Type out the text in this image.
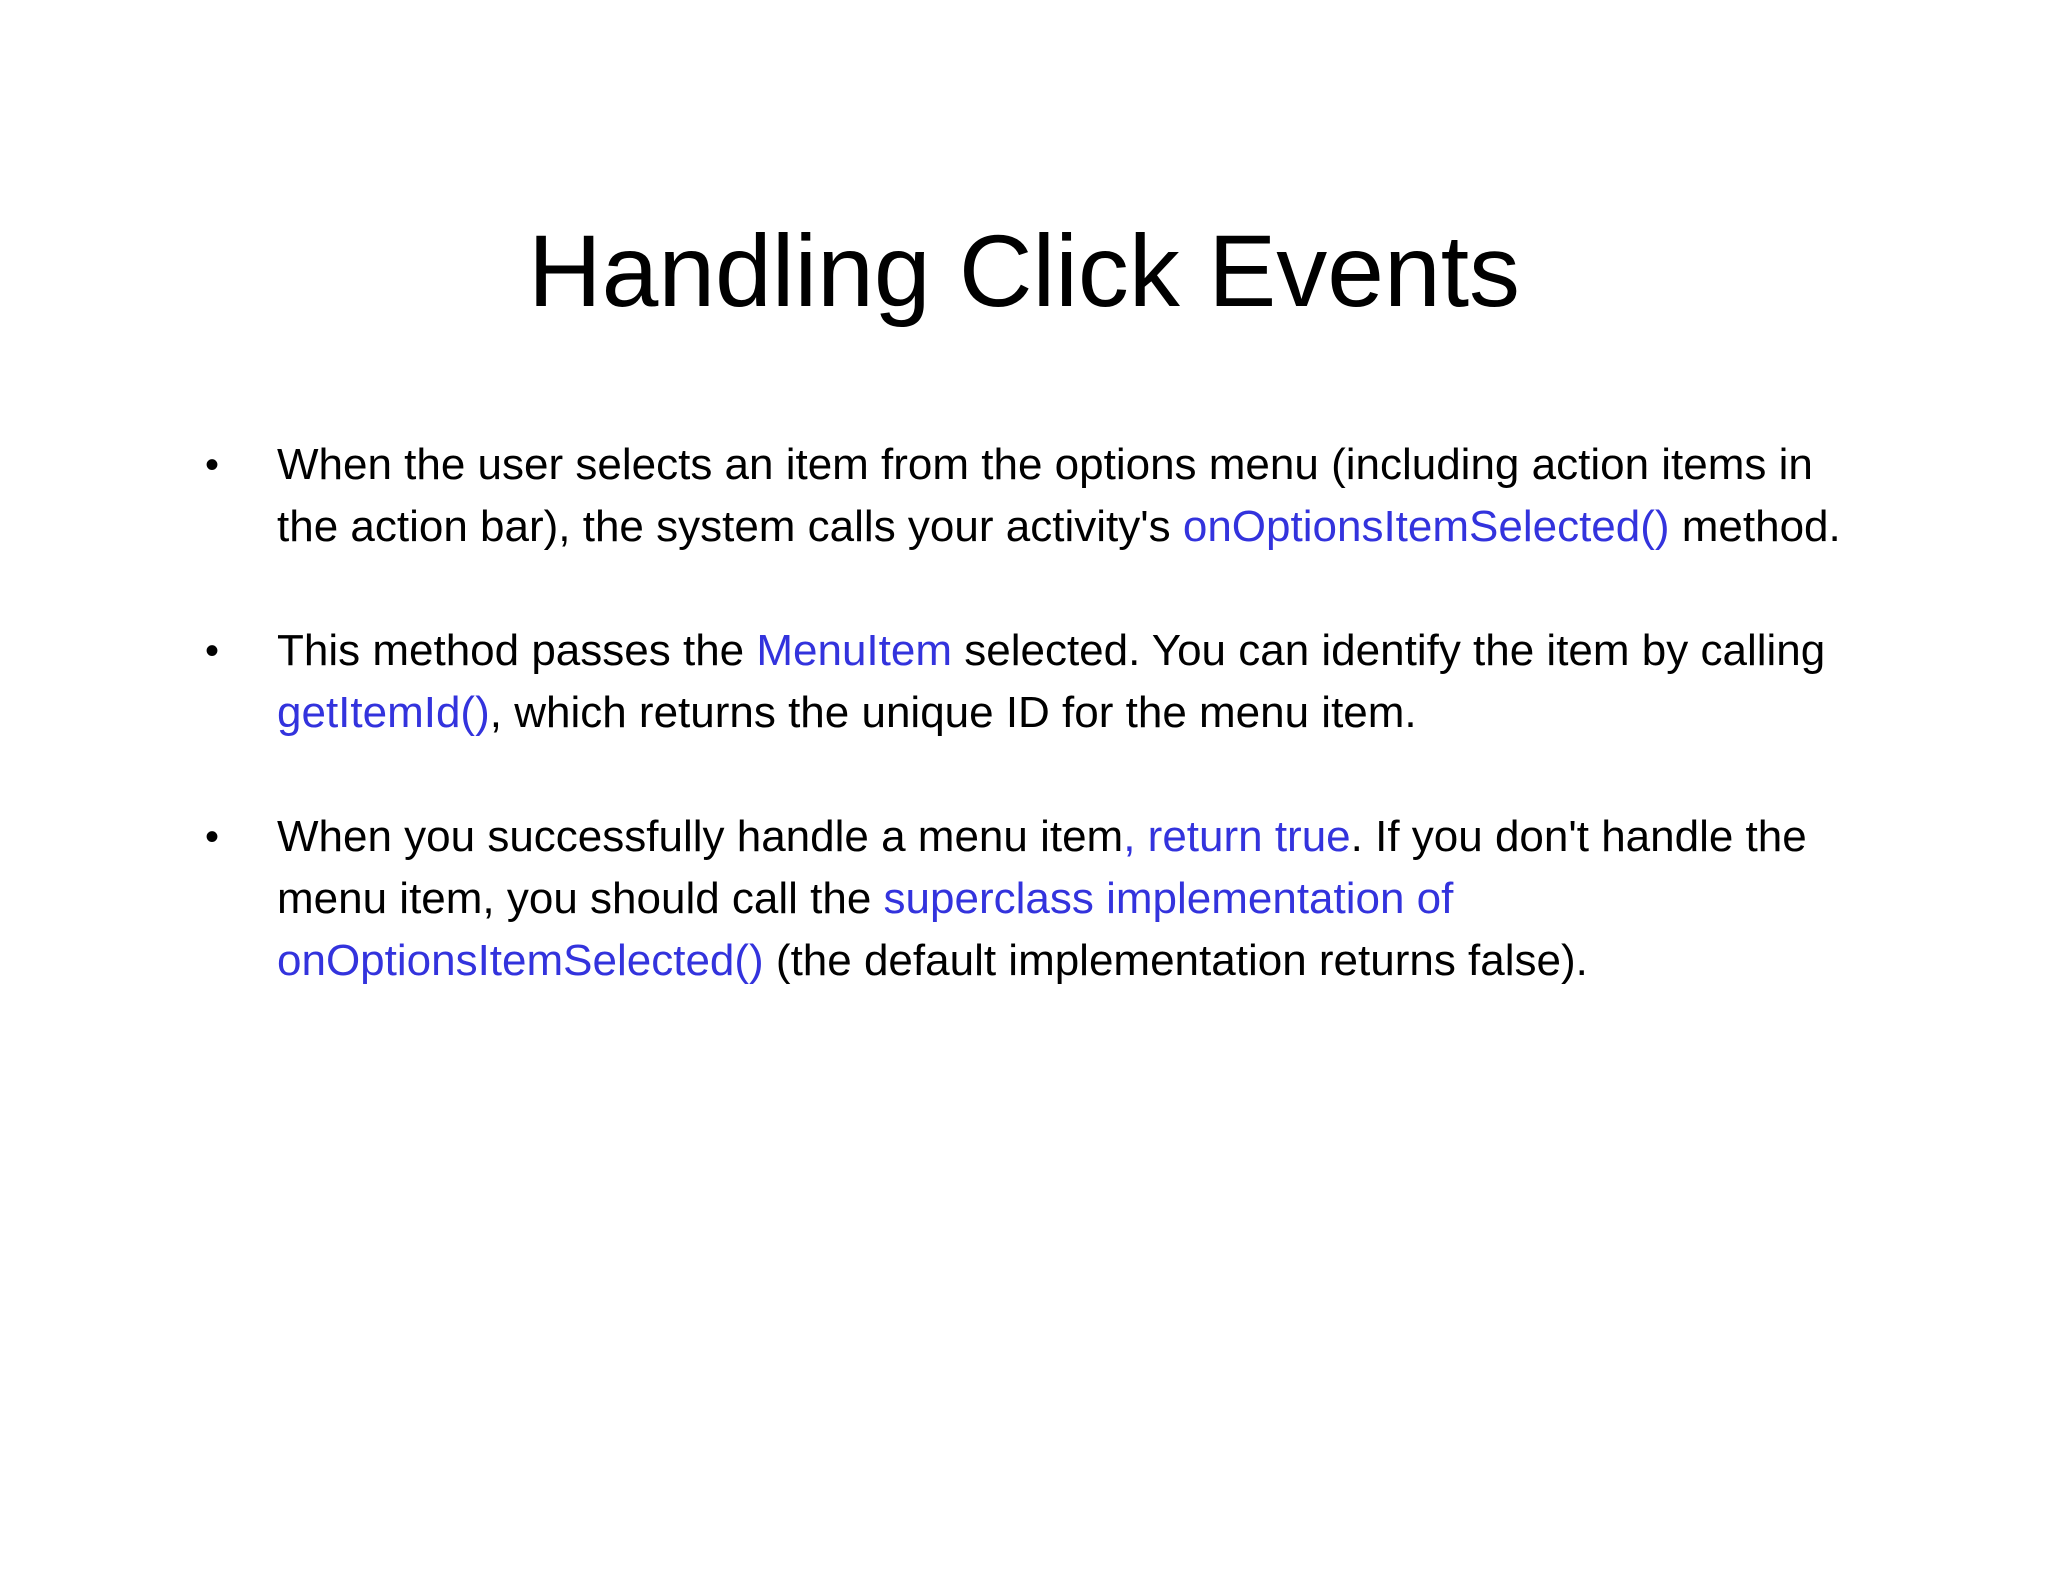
Handling Click Events
•	When the user selects an item from the options menu (including action items in the action bar), the system calls your activity's onOptionsItemSelected() method.
•	This method passes the MenuItem selected. You can identify the item by calling getItemId(), which returns the unique ID for the menu item.
•	When you successfully handle a menu item, return true. If you don't handle the menu item, you should call the superclass implementation of onOptionsItemSelected() (the default implementation returns false).
